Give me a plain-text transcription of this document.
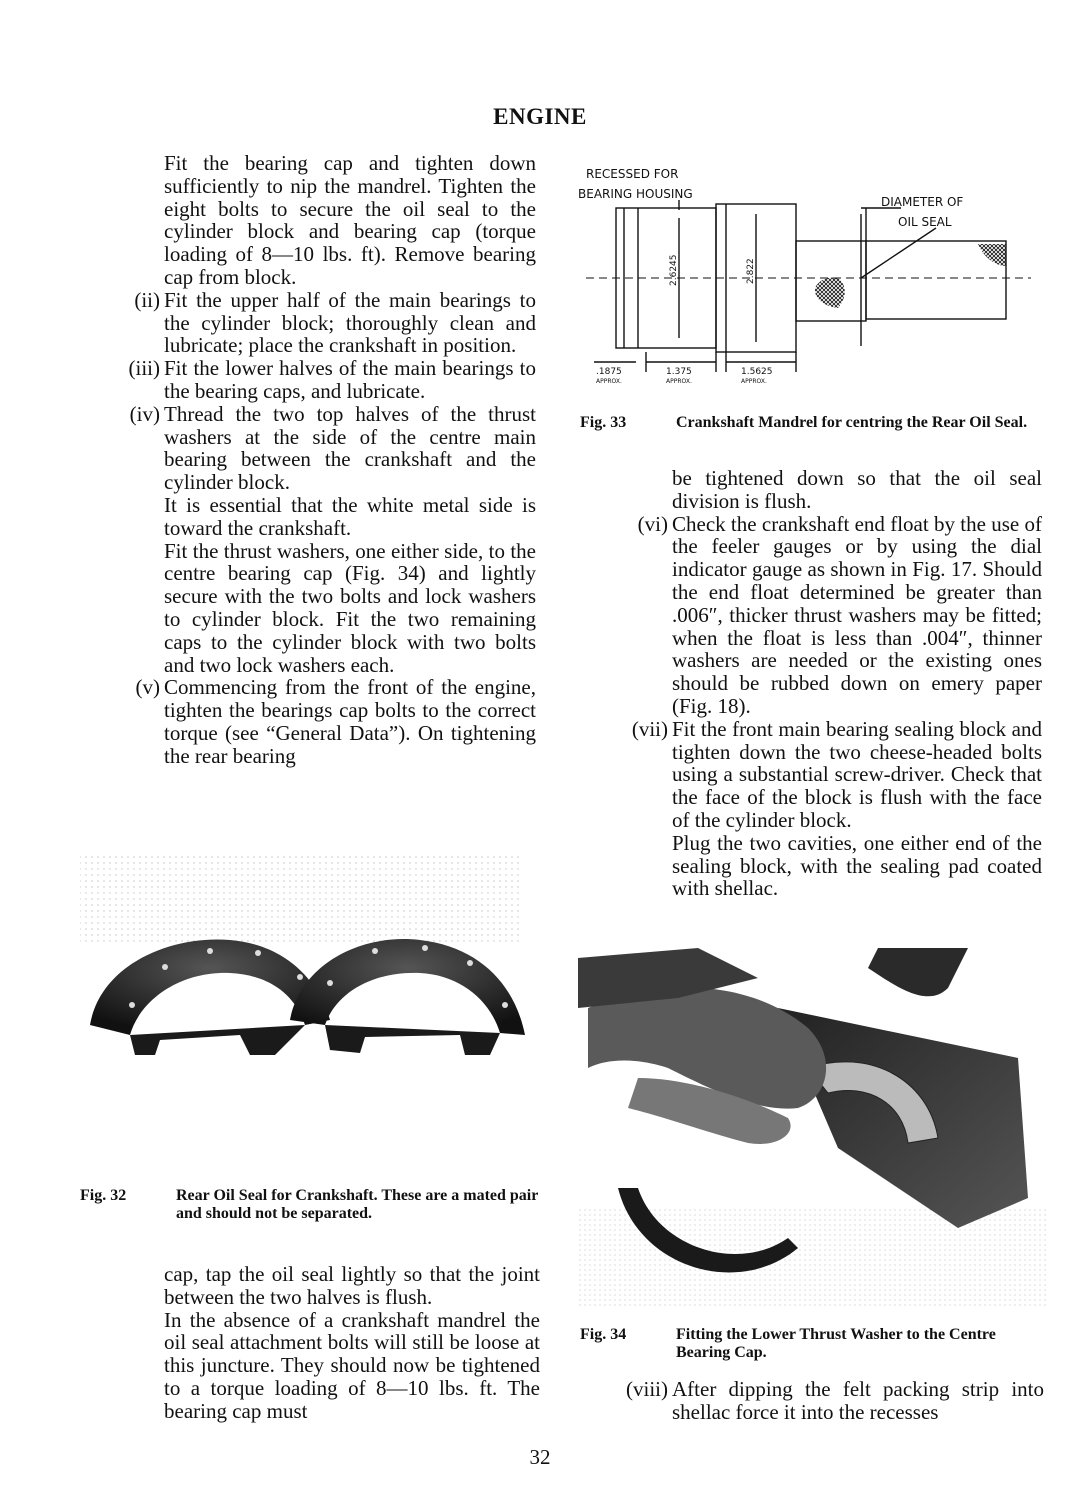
ENGINE

Fit the bearing cap and tighten down sufficiently to nip the mandrel. Tighten the eight bolts to secure the oil seal to the cylinder block and bearing cap (torque loading of 8—10 lbs. ft). Remove bearing cap from block.

(ii) Fit the upper half of the main bearings to the cylinder block; thoroughly clean and lubricate; place the crankshaft in position.

(iii) Fit the lower halves of the main bearings to the bearing caps, and lubricate.

(iv) Thread the two top halves of the thrust washers at the side of the centre main bearing between the crankshaft and the cylinder block.

It is essential that the white metal side is toward the crankshaft.

Fit the thrust washers, one either side, to the centre bearing cap (Fig. 34) and lightly secure with the two bolts and lock washers to cylinder block. Fit the two remaining caps to the cylinder block with two bolts and two lock washers each.

(v) Commencing from the front of the engine, tighten the bearings cap bolts to the correct torque (see “General Data”). On tightening the rear bearing

Fig. 32	Rear Oil Seal for Crankshaft. These are a mated pair and should not be separated.

cap, tap the oil seal lightly so that the joint between the two halves is flush.

In the absence of a crankshaft mandrel the oil seal attachment bolts will still be loose at this juncture. They should now be tightened to a torque loading of 8—10 lbs. ft. The bearing cap must

RECESSED FOR
BEARING HOUSING
DIAMETER OF
OIL SEAL
2.6245	2.822
.1875
APPROX.
1.375
APPROX.
1.5625
APPROX.
Fig. 33	Crankshaft Mandrel for centring the Rear Oil Seal.

be tightened down so that the oil seal division is flush.

(vi) Check the crankshaft end float by the use of the feeler gauges or by using the dial indicator gauge as shown in Fig. 17. Should the end float determined be greater than .006″, thicker thrust washers may be fitted; when the float is less than .004″, thinner washers are needed or the existing ones should be rubbed down on emery paper (Fig. 18).

(vii) Fit the front main bearing sealing block and tighten down the two cheese-headed bolts using a substantial screw-driver. Check that the face of the block is flush with the face of the cylinder block.

Plug the two cavities, one either end of the sealing block, with the sealing pad coated with shellac.

Fig. 34	Fitting the Lower Thrust Washer to the Centre Bearing Cap.
(viii) After dipping the felt packing strip into shellac force it into the recesses

32
